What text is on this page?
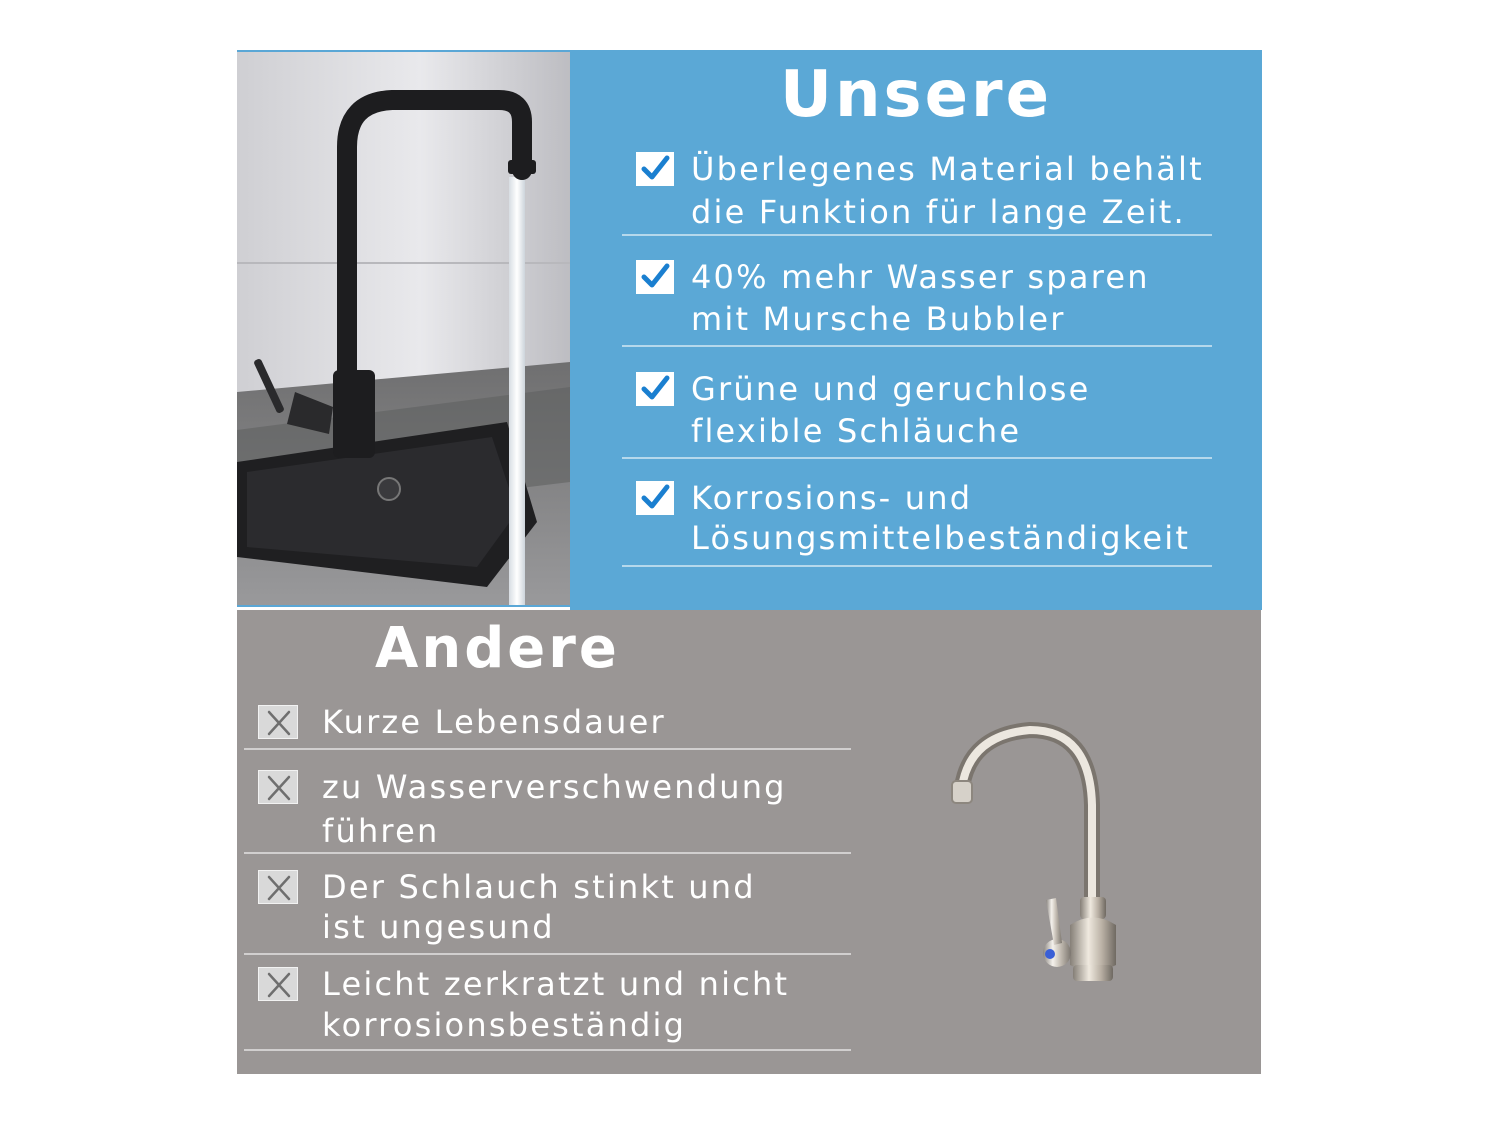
Unsere
Überlegenes Material behält
die Funktion für lange Zeit.
40% mehr Wasser sparen
mit Mursche Bubbler
Grüne und geruchlose
flexible Schläuche
Korrosions- und
Lösungsmittelbeständigkeit
Andere
Kurze Lebensdauer
zu Wasserverschwendung
führen
Der Schlauch stinkt und
ist ungesund
Leicht zerkratzt und nicht
korrosionsbeständig
